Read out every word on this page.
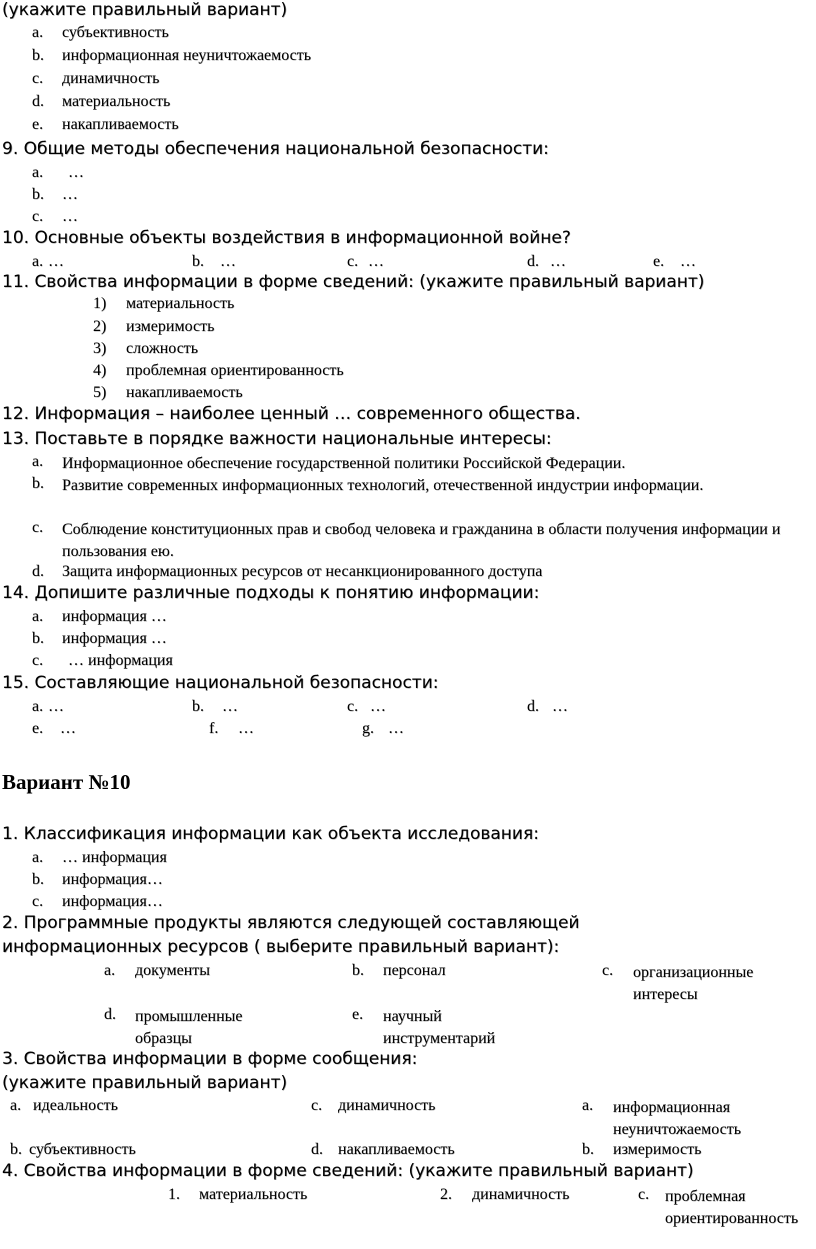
(укажите правильный вариант)
a. субъективность
b. информационная неуничтожаемость
c. динамичность
d. материальность
e. накапливаемость
9. Общие методы обеспечения национальной безопасности:
a. …
b. …
c. …
10. Основные объекты воздействия в информационной войне?
a. …	b. …	c. …	d. …	e. …
11. Свойства информации в форме сведений: (укажите правильный вариант)
1) материальность
2) измеримость
3) сложность
4) проблемная ориентированность
5) накапливаемость
12. Информация – наиболее ценный … современного общества.
13. Поставьте в порядке важности национальные интересы:
a. Информационное обеспечение государственной политики Российской Федерации.
b. Развитие современных информационных технологий, отечественной индустрии информации.
c. Соблюдение конституционных прав и свобод человека и гражданина в области получения информации и пользования ею.
d. Защита информационных ресурсов от несанкционированного доступа
14. Допишите различные подходы к понятию информации:
a. информация …
b. информация …
c. … информация
15. Составляющие национальной безопасности:
a. …	b. …	c. …	d. …
e. …	f. …	g. …
Вариант №10
1. Классификация информации как объекта исследования:
a. … информация
b. информация…
c. информация…
2. Программные продукты являются следующей составляющей
информационных ресурсов ( выберите правильный вариант):
a. документы	b. персонал	c. организационные интересы
d. промышленные образцы
e. научный инструментарий
3. Свойства информации в форме сообщения:
(укажите правильный вариант)
a. идеальность	c. динамичность	a. информационная неуничтожаемость
b. субъективность	d. накапливаемость	b. измеримость
4. Свойства информации в форме сведений: (укажите правильный вариант)
1. материальность	2. динамичность	c. проблемная ориентированность
